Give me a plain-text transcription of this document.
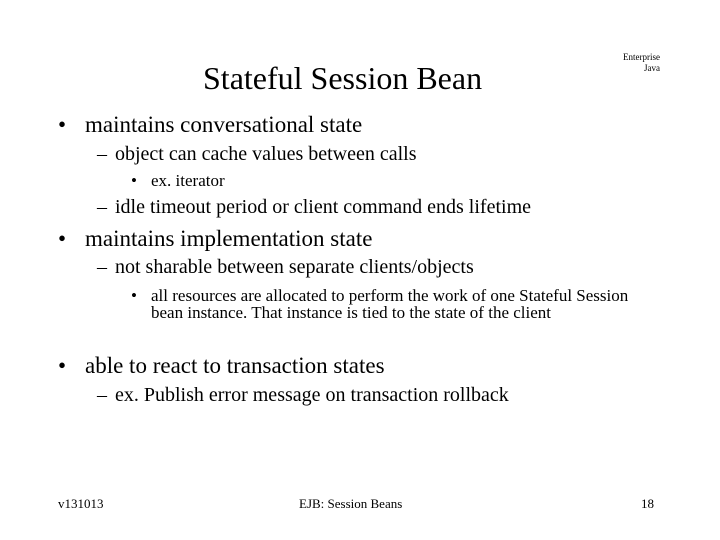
Stateful Session Bean
Enterprise
Java
• maintains conversational state
– object can cache values between calls
• ex. iterator
– idle timeout period or client command ends lifetime
• maintains implementation state
– not sharable between separate clients/objects
• all resources are allocated to perform the work of one Stateful Session bean instance. That instance is tied to the state of the client
• able to react to transaction states
– ex. Publish error message on transaction rollback
v131013	EJB: Session Beans	18
